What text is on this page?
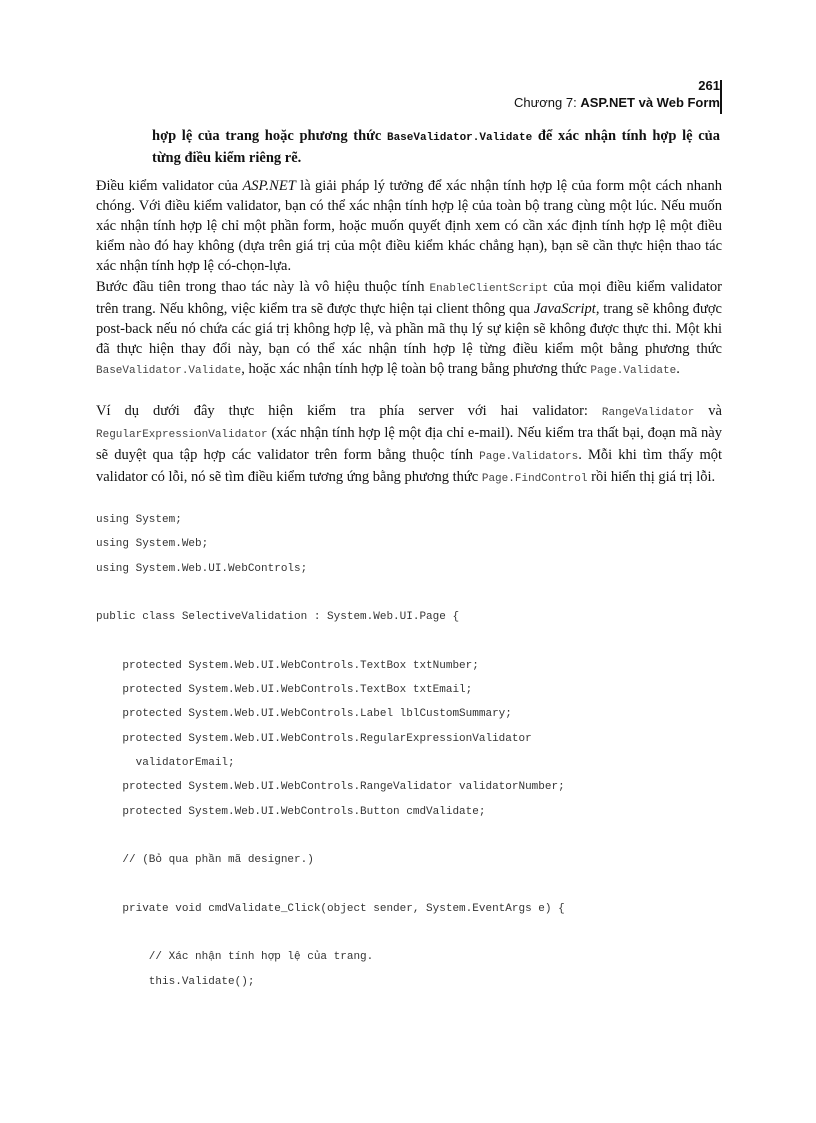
261
Chương 7: ASP.NET và Web Form
hợp lệ của trang hoặc phương thức BaseValidator.Validate để xác nhận tính hợp lệ của từng điều kiểm riêng rẽ.

Điều kiểm validator của ASP.NET là giải pháp lý tưởng để xác nhận tính hợp lệ của form một cách nhanh chóng. Với điều kiểm validator, bạn có thể xác nhận tính hợp lệ của toàn bộ trang cùng một lúc. Nếu muốn xác nhận tính hợp lệ chỉ một phần form, hoặc muốn quyết định xem có cần xác định tính hợp lệ một điều kiểm nào đó hay không (dựa trên giá trị của một điều kiểm khác chẳng hạn), bạn sẽ cần thực hiện thao tác xác nhận tính hợp lệ có-chọn-lựa.

Bước đầu tiên trong thao tác này là vô hiệu thuộc tính EnableClientScript của mọi điều kiểm validator trên trang. Nếu không, việc kiểm tra sẽ được thực hiện tại client thông qua JavaScript, trang sẽ không được post-back nếu nó chứa các giá trị không hợp lệ, và phần mã thụ lý sự kiện sẽ không được thực thi. Một khi đã thực hiện thay đổi này, bạn có thể xác nhận tính hợp lệ từng điều kiểm một bằng phương thức BaseValidator.Validate, hoặc xác nhận tính hợp lệ toàn bộ trang bằng phương thức Page.Validate.

Ví dụ dưới đây thực hiện kiểm tra phía server với hai validator: RangeValidator và RegularExpressionValidator (xác nhận tính hợp lệ một địa chỉ e-mail). Nếu kiểm tra thất bại, đoạn mã này sẽ duyệt qua tập hợp các validator trên form bằng thuộc tính Page.Validators. Mỗi khi tìm thấy một validator có lỗi, nó sẽ tìm điều kiểm tương ứng bằng phương thức Page.FindControl rồi hiển thị giá trị lỗi.

using System;
using System.Web;
using System.Web.UI.WebControls;
public class SelectiveValidation : System.Web.UI.Page {
protected System.Web.UI.WebControls.TextBox txtNumber;
protected System.Web.UI.WebControls.TextBox txtEmail;
protected System.Web.UI.WebControls.Label lblCustomSummary;
protected System.Web.UI.WebControls.RegularExpressionValidator
validatorEmail;
protected System.Web.UI.WebControls.RangeValidator validatorNumber;
protected System.Web.UI.WebControls.Button cmdValidate;
// (Bỏ qua phần mã designer.)
private void cmdValidate_Click(object sender, System.EventArgs e) {
// Xác nhận tính hợp lệ của trang.
this.Validate();
